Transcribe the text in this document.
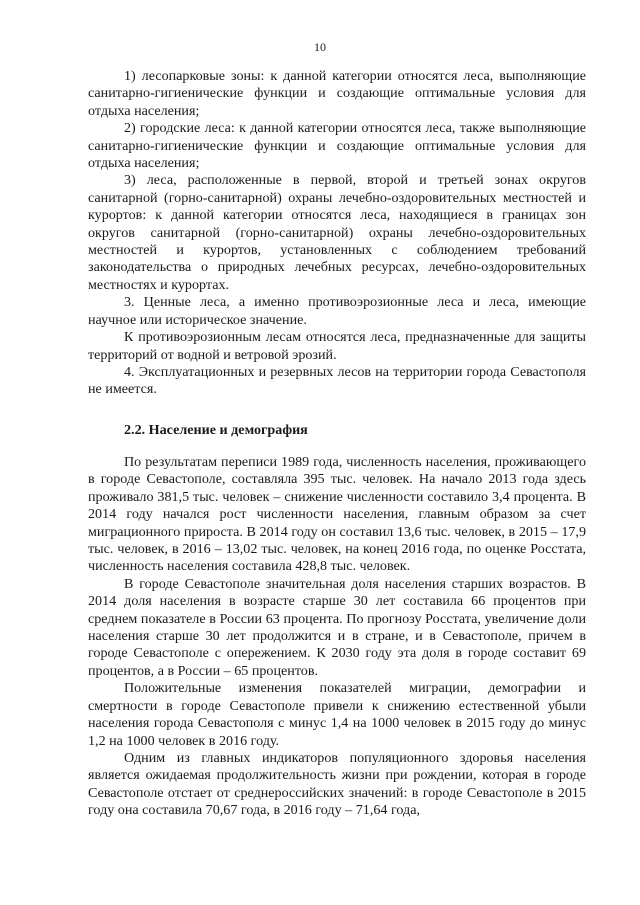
10

1) лесопарковые зоны: к данной категории относятся леса, выполняющие санитарно-гигиенические функции и создающие оптимальные условия для отдыха населения;

2) городские леса: к данной категории относятся леса, также выполняющие санитарно-гигиенические функции и создающие оптимальные условия для отдыха населения;

3) леса, расположенные в первой, второй и третьей зонах округов санитарной (горно-санитарной) охраны лечебно-оздоровительных местностей и курортов: к данной категории относятся леса, находящиеся в границах зон округов санитарной (горно-санитарной) охраны лечебно-оздоровительных местностей и курортов, установленных с соблюдением требований законодательства о природных лечебных ресурсах, лечебно-оздоровительных местностях и курортах.

3. Ценные леса, а именно противоэрозионные леса и леса, имеющие научное или историческое значение.

К противоэрозионным лесам относятся леса, предназначенные для защиты территорий от водной и ветровой эрозий.

4. Эксплуатационных и резервных лесов на территории города Севастополя не имеется.

2.2. Население и демография

По результатам переписи 1989 года, численность населения, проживающего в городе Севастополе, составляла 395 тыс. человек. На начало 2013 года здесь проживало 381,5 тыс. человек – снижение численности составило 3,4 процента. В 2014 году начался рост численности населения, главным образом за счет миграционного прироста. В 2014 году он составил 13,6 тыс. человек, в 2015 – 17,9 тыс. человек, в 2016 – 13,02 тыс. человек, на конец 2016 года, по оценке Росстата, численность населения составила 428,8 тыс. человек.

В городе Севастополе значительная доля населения старших возрастов. В 2014 доля населения в возрасте старше 30 лет составила 66 процентов при среднем показателе в России 63 процента. По прогнозу Росстата, увеличение доли населения старше 30 лет продолжится и в стране, и в Севастополе, причем в городе Севастополе с опережением. К 2030 году эта доля в городе составит 69 процентов, а в России – 65 процентов.

Положительные изменения показателей миграции, демографии и смертности в городе Севастополе привели к снижению естественной убыли населения города Севастополя с минус 1,4 на 1000 человек в 2015 году до минус 1,2 на 1000 человек в 2016 году.

Одним из главных индикаторов популяционного здоровья населения является ожидаемая продолжительность жизни при рождении, которая в городе Севастополе отстает от среднероссийских значений: в городе Севастополе в 2015 году она составила 70,67 года, в 2016 году – 71,64 года,
